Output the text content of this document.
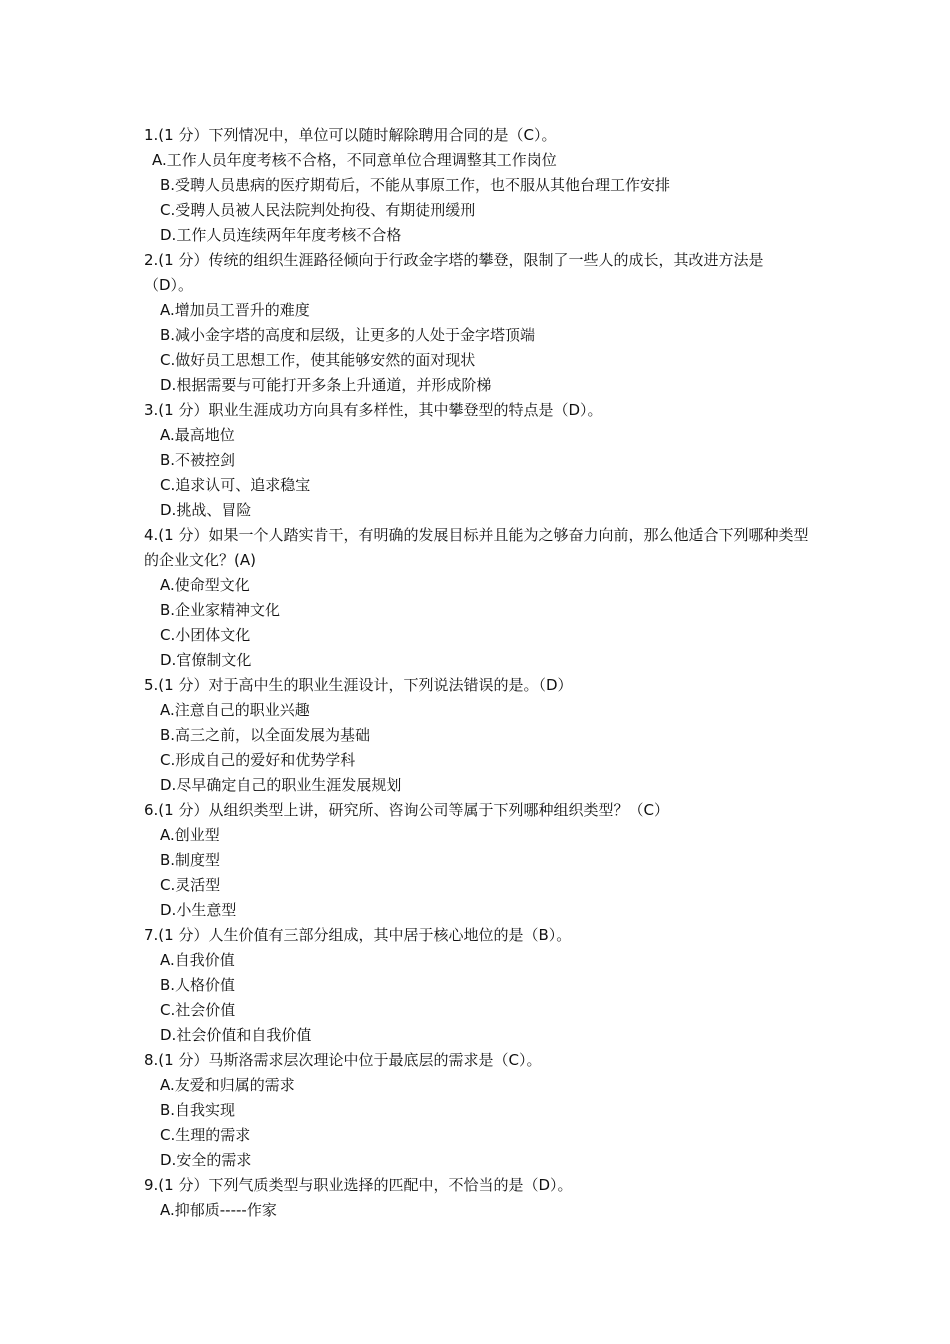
1.(1 分）下列情况中，单位可以随时解除聘用合同的是（C）。
A.工作人员年度考核不合格，不同意单位合理调整其工作岗位
B.受聘人员患病的医疗期荀后，不能从事原工作，也不服从其他台理工作安排
C.受聘人员被人民法院判处拘役、有期徒刑缓刑
D.工作人员连续两年年度考核不合格
2.(1 分）传统的组织生涯路径倾向于行政金字塔的攀登，限制了一些人的成长，其改进方法是（D）。
A.增加员工晋升的难度
B.减小金字塔的高度和层级，让更多的人处于金字塔顶端
C.做好员工思想工作，使其能够安然的面对现状
D.根据需要与可能打开多条上升通道，并形成阶梯
3.(1 分）职业生涯成功方向具有多样性，其中攀登型的特点是（D）。
A.最高地位
B.不被控剑
C.追求认可、追求稳宝
D.挑战、冒险
4.(1 分）如果一个人踏实肯干，有明确的发展目标并且能为之够奋力向前，那么他适合下列哪种类型的企业文化？(A)
A.使命型文化
B.企业家精神文化
C.小团体文化
D.官僚制文化
5.(1 分）对于高中生的职业生涯设计，下列说法错误的是。（D）
A.注意自己的职业兴趣
B.高三之前，以全面发展为基础
C.形成自己的爱好和优势学科
D.尽早确定自己的职业生涯发展规划
6.(1 分）从组织类型上讲，研究所、咨询公司等属于下列哪种组织类型？（C）
A.创业型
B.制度型
C.灵活型
D.小生意型
7.(1 分）人生价值有三部分组成，其中居于核心地位的是（B）。
A.自我价值
B.人格价值
C.社会价值
D.社会价值和自我价值
8.(1 分）马斯洛需求层次理论中位于最底层的需求是（C）。
A.友爱和归属的需求
B.自我实现
C.生理的需求
D.安全的需求
9.(1 分）下列气质类型与职业选择的匹配中，不恰当的是（D）。
A.抑郁质-----作家
